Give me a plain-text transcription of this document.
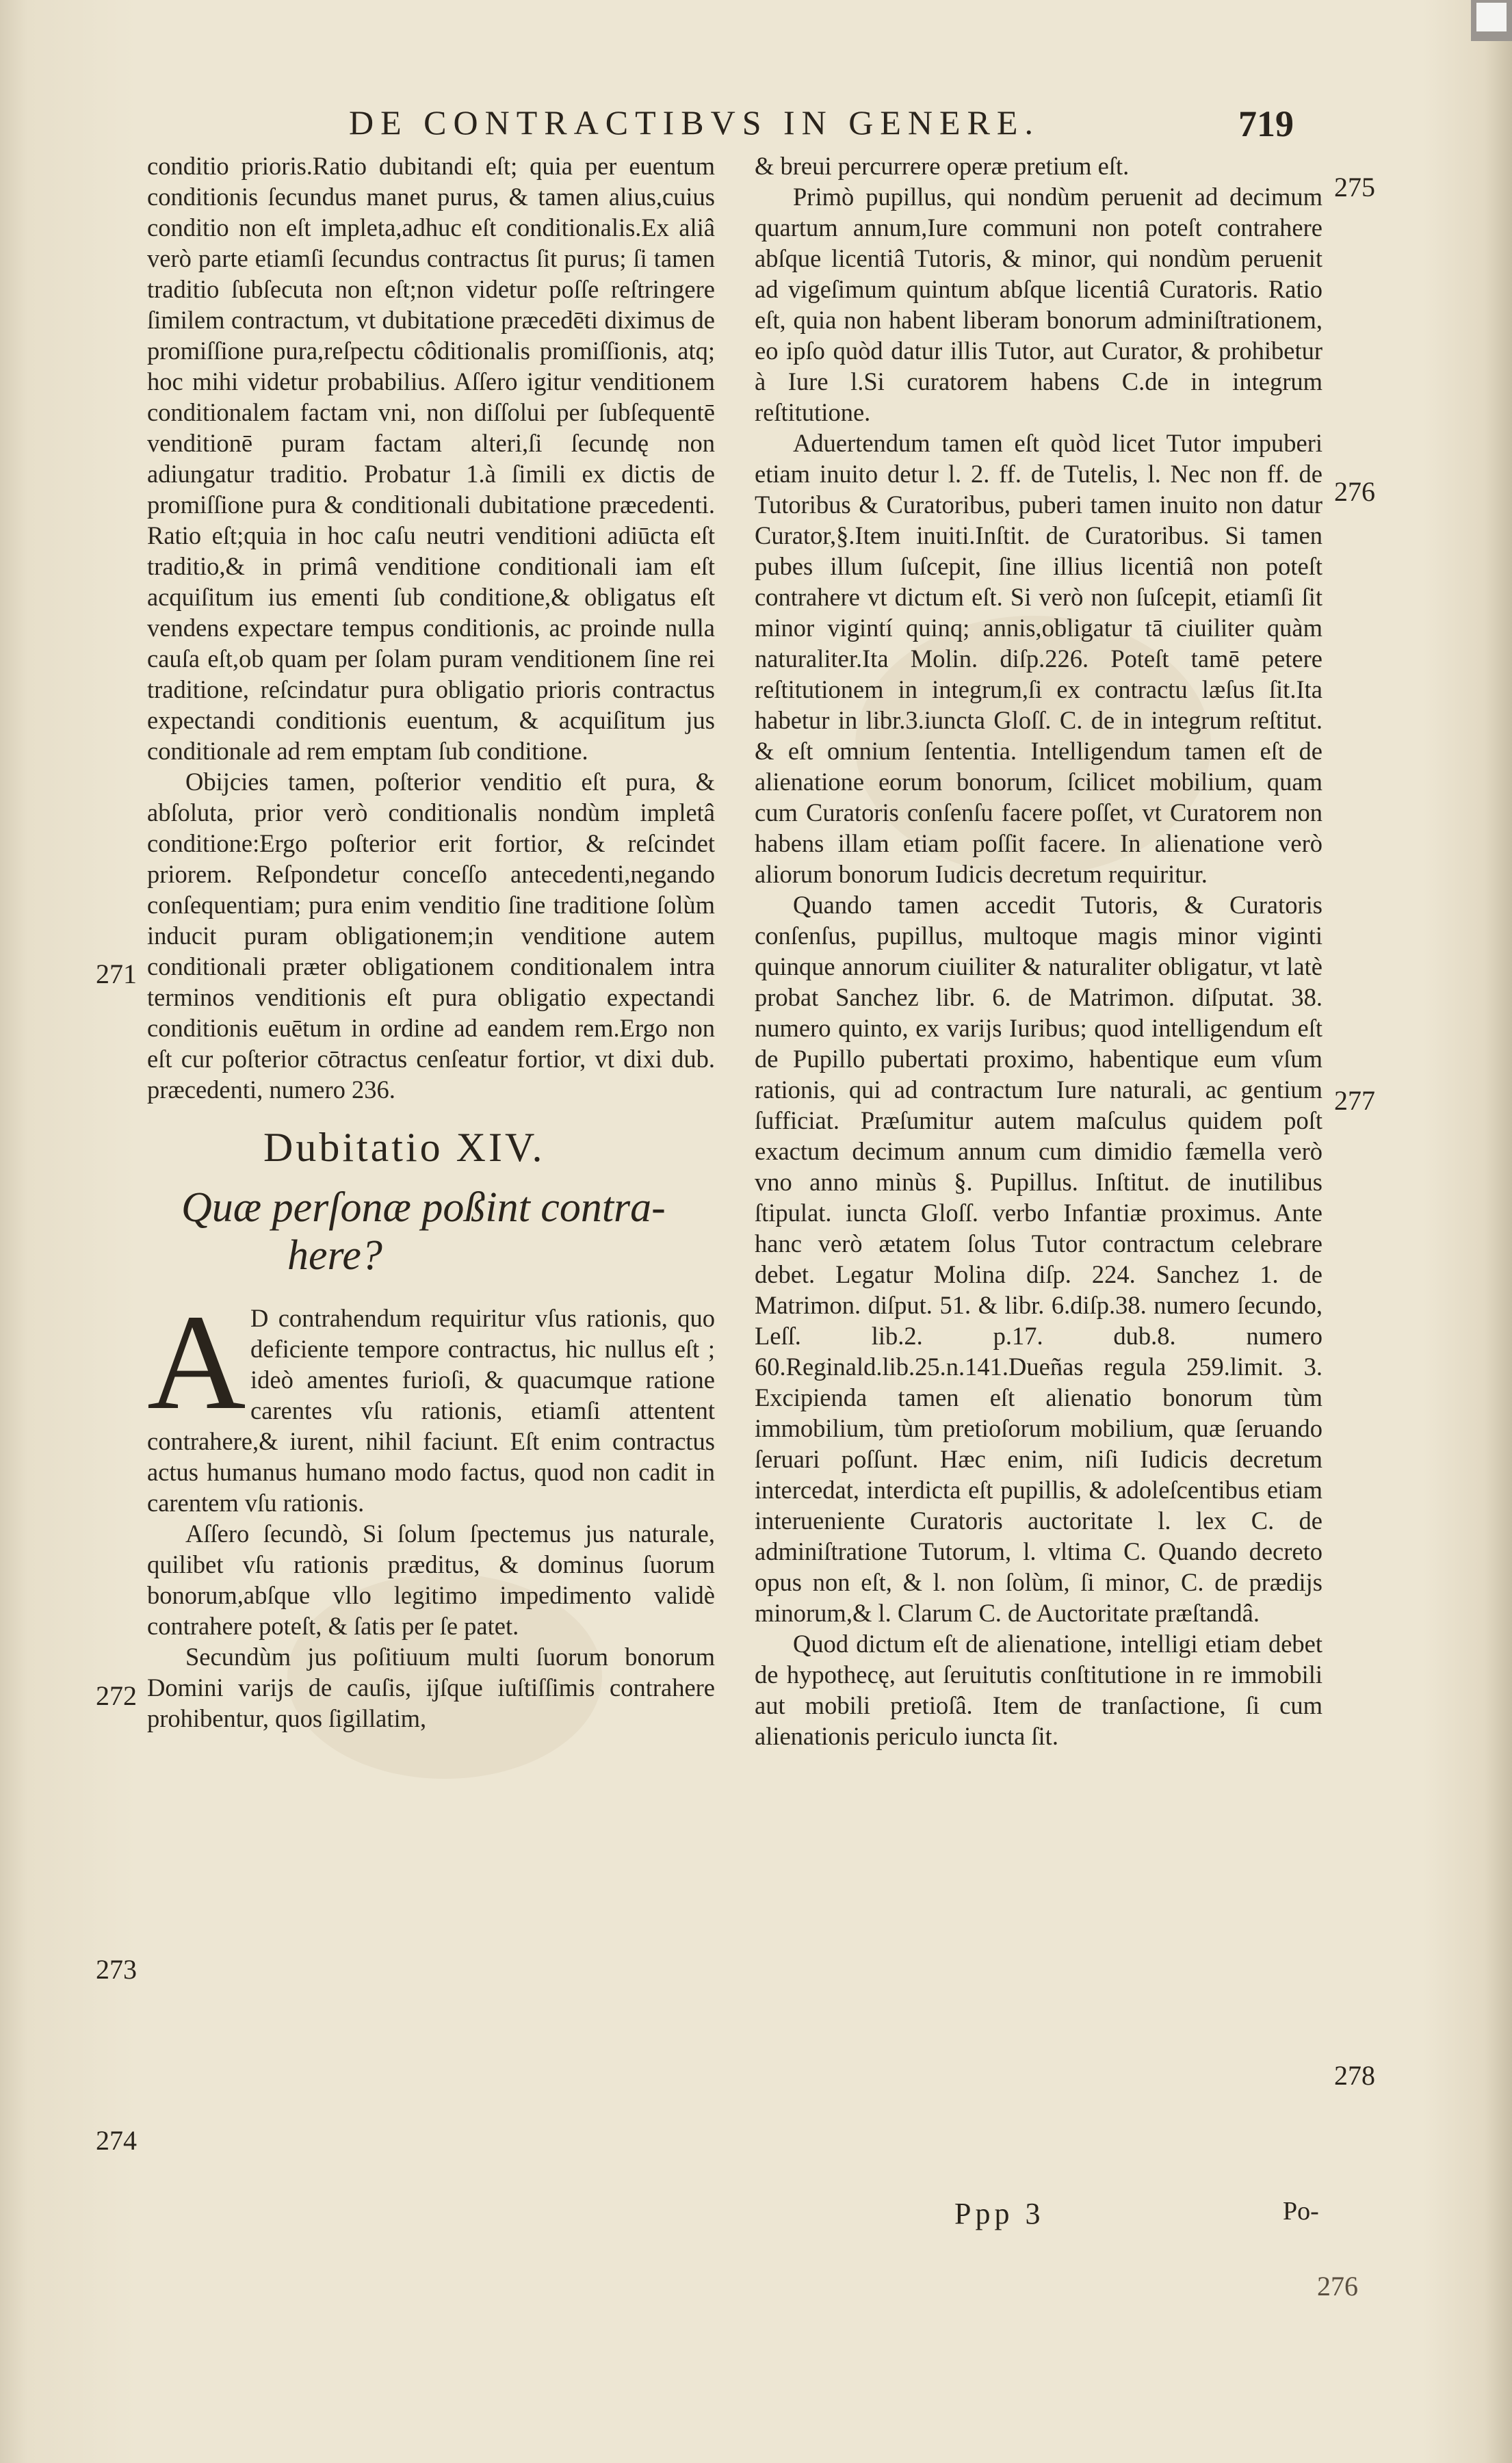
DE CONTRACTIBVS IN GENERE.	719

conditio prioris.Ratio dubitandi eſt; quia per euentum conditionis ſecundus manet purus, & tamen alius,cuius conditio non eſt impleta,adhuc eſt conditionalis.Ex aliâ verò parte etiamſi ſecundus contractus ſit purus; ſi tamen traditio ſubſecuta non eſt;non videtur poſſe reſtringere ſimilem contractum, vt dubitatione præcedēti diximus de promiſſione pura,reſpectu côditionalis promiſſionis, atq; hoc mihi videtur probabilius. Aſſero igitur venditionem conditionalem factam vni, non diſſolui per ſubſequentē venditionē puram factam alteri,ſi ſecundę non adiungatur traditio. Probatur 1.à ſimili ex dictis de promiſſione pura & conditionali dubitatione præcedenti. Ratio eſt;quia in hoc caſu neutri venditioni adiūcta eſt traditio,& in primâ venditione conditionali iam eſt acquiſitum ius ementi ſub conditione,& obligatus eſt vendens expectare tempus conditionis, ac proinde nulla cauſa eſt,ob quam per ſolam puram venditionem ſine rei traditione, reſcindatur pura obligatio prioris contractus expectandi conditionis euentum, & acquiſitum jus conditionale ad rem emptam ſub conditione.

Obijcies tamen, poſterior venditio eſt pura, & abſoluta, prior verò conditionalis nondùm impletâ conditione:Ergo poſterior erit fortior, & reſcindet priorem. Reſpondetur conceſſo antecedenti,negando conſequentiam; pura enim venditio ſine traditione ſolùm inducit puram obligationem;in venditione autem conditionali præter obligationem conditionalem intra terminos venditionis eſt pura obligatio expectandi conditionis euētum in ordine ad eandem rem.Ergo non eſt cur poſterior cōtractus cenſeatur fortior, vt dixi dub. præcedenti, numero 236.

Dubitatio XIV.
Quæ perſonæ poßint contra-
here?

A D contrahendum requiritur vſus rationis, quo deficiente tempore contractus, hic nullus eſt ; ideò amentes furioſi, & quacumque ratione carentes vſu rationis, etiamſi attentent contrahere,& iurent, nihil faciunt. Eſt enim contractus actus humanus humano modo factus, quod non cadit in carentem vſu rationis.

Aſſero ſecundò, Si ſolum ſpectemus jus naturale, quilibet vſu rationis præditus, & dominus ſuorum bonorum,abſque vllo legitimo impedimento validè contrahere poteſt, & ſatis per ſe patet.

Secundùm jus poſitiuum multi ſuorum bonorum Domini varijs de cauſis, ijſque iuſtiſſimis contrahere prohibentur, quos ſigillatim,

& breui percurrere operæ pretium eſt.

Primò pupillus, qui nondùm peruenit ad decimum quartum annum,Iure communi non poteſt contrahere abſque licentiâ Tutoris, & minor, qui nondùm peruenit ad vigeſimum quintum abſque licentiâ Curatoris. Ratio eſt, quia non habent liberam bonorum adminiſtrationem, eo ipſo quòd datur illis Tutor, aut Curator, & prohibetur à Iure l.Si curatorem habens C.de in integrum reſtitutione.

Aduertendum tamen eſt quòd licet Tutor impuberi etiam inuito detur l. 2. ff. de Tutelis, l. Nec non ff. de Tutoribus & Curatoribus, puberi tamen inuito non datur Curator,§.Item inuiti.Inſtit. de Curatoribus. Si tamen pubes illum ſuſcepit, ſine illius licentiâ non poteſt contrahere vt dictum eſt. Si verò non ſuſcepit, etiamſi ſit minor vigintí quinq; annis,obligatur tā ciuiliter quàm naturaliter.Ita Molin. diſp.226. Poteſt tamē petere reſtitutionem in integrum,ſi ex contractu læſus ſit.Ita habetur in libr.3.iuncta Gloſſ. C. de in integrum reſtitut. & eſt omnium ſententia. Intelligendum tamen eſt de alienatione eorum bonorum, ſcilicet mobilium, quam cum Curatoris conſenſu facere poſſet, vt Curatorem non habens illam etiam poſſit facere. In alienatione verò aliorum bonorum Iudicis decretum requiritur.

Quando tamen accedit Tutoris, & Curatoris conſenſus, pupillus, multoque magis minor viginti quinque annorum ciuiliter & naturaliter obligatur, vt latè probat Sanchez libr. 6. de Matrimon. diſputat. 38. numero quinto, ex varijs Iuribus; quod intelligendum eſt de Pupillo pubertati proximo, habentique eum vſum rationis, qui ad contractum Iure naturali, ac gentium ſufficiat. Præſumitur autem maſculus quidem poſt exactum decimum annum cum dimidio fæmella verò vno anno minùs §. Pupillus. Inſtitut. de inutilibus ſtipulat. iuncta Gloſſ. verbo Infantiæ proximus. Ante hanc verò ætatem ſolus Tutor contractum celebrare debet. Legatur Molina diſp. 224. Sanchez 1. de Matrimon. diſput. 51. & libr. 6.diſp.38. numero ſecundo, Leſſ. lib.2. p.17. dub.8. numero 60.Reginald.lib.25.n.141.Dueñas regula 259.limit. 3. Excipienda tamen eſt alienatio bonorum tùm immobilium, tùm pretioſorum mobilium, quæ ſeruando ſeruari poſſunt. Hæc enim, niſi Iudicis decretum intercedat, interdicta eſt pupillis, & adoleſcentibus etiam interueniente Curatoris auctoritate l. lex C. de adminiſtratione Tutorum, l. vltima C. Quando decreto opus non eſt, & l. non ſolùm, ſi minor, C. de prædijs minorum,& l. Clarum C. de Auctoritate præſtandâ.

Quod dictum eſt de alienatione, intelligi etiam debet de hypothecę, aut ſeruitutis conſtitutione in re immobili aut mobili pretioſâ. Item de tranſactione, ſi cum alienationis periculo iuncta ſit.

271
272
273
274
275
276
277
278
Ppp 3	Po-
276
